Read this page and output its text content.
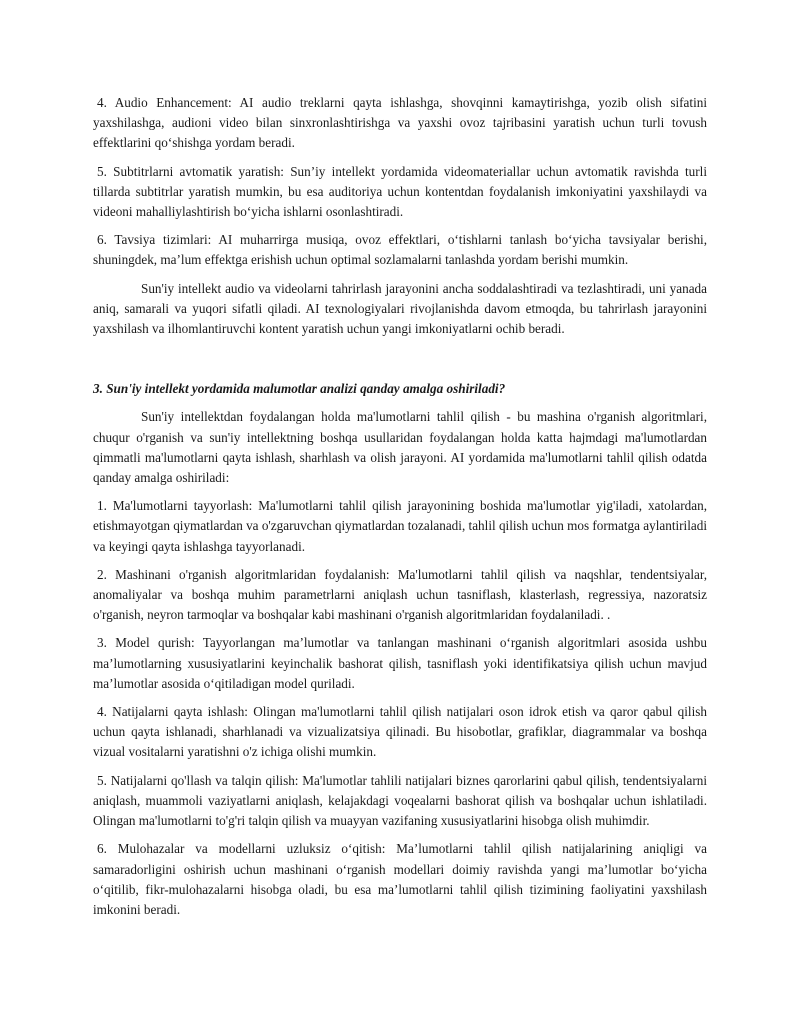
4. Audio Enhancement: AI audio treklarni qayta ishlashga, shovqinni kamaytirishga, yozib olish sifatini yaxshilashga, audioni video bilan sinxronlashtirishga va yaxshi ovoz tajribasini yaratish uchun turli tovush effektlarini qo‘shishga yordam beradi.

5. Subtitrlarni avtomatik yaratish: Sun’iy intellekt yordamida videomateriallar uchun avtomatik ravishda turli tillarda subtitrlar yaratish mumkin, bu esa auditoriya uchun kontentdan foydalanish imkoniyatini yaxshilaydi va videoni mahalliylashtirish bo‘yicha ishlarni osonlashtiradi.

6. Tavsiya tizimlari: AI muharrirga musiqa, ovoz effektlari, o‘tishlarni tanlash bo‘yicha tavsiyalar berishi, shuningdek, ma’lum effektga erishish uchun optimal sozlamalarni tanlashda yordam berishi mumkin.

Sun'iy intellekt audio va videolarni tahrirlash jarayonini ancha soddalashtiradi va tezlashtiradi, uni yanada aniq, samarali va yuqori sifatli qiladi. AI texnologiyalari rivojlanishda davom etmoqda, bu tahrirlash jarayonini yaxshilash va ilhomlantiruvchi kontent yaratish uchun yangi imkoniyatlarni ochib beradi.

3. Sun'iy intellekt yordamida malumotlar analizi qanday amalga oshiriladi?

Sun'iy intellektdan foydalangan holda ma'lumotlarni tahlil qilish - bu mashina o'rganish algoritmlari, chuqur o'rganish va sun'iy intellektning boshqa usullaridan foydalangan holda katta hajmdagi ma'lumotlardan qimmatli ma'lumotlarni qayta ishlash, sharhlash va olish jarayoni. AI yordamida ma'lumotlarni tahlil qilish odatda qanday amalga oshiriladi:

1. Ma'lumotlarni tayyorlash: Ma'lumotlarni tahlil qilish jarayonining boshida ma'lumotlar yig'iladi, xatolardan, etishmayotgan qiymatlardan va o'zgaruvchan qiymatlardan tozalanadi, tahlil qilish uchun mos formatga aylantiriladi va keyingi qayta ishlashga tayyorlanadi.

2. Mashinani o'rganish algoritmlaridan foydalanish: Ma'lumotlarni tahlil qilish va naqshlar, tendentsiyalar, anomaliyalar va boshqa muhim parametrlarni aniqlash uchun tasniflash, klasterlash, regressiya, nazoratsiz o'rganish, neyron tarmoqlar va boshqalar kabi mashinani o'rganish algoritmlaridan foydalaniladi. .

3. Model qurish: Tayyorlangan ma’lumotlar va tanlangan mashinani o‘rganish algoritmlari asosida ushbu ma’lumotlarning xususiyatlarini keyinchalik bashorat qilish, tasniflash yoki identifikatsiya qilish uchun mavjud ma’lumotlar asosida o‘qitiladigan model quriladi.

4. Natijalarni qayta ishlash: Olingan ma'lumotlarni tahlil qilish natijalari oson idrok etish va qaror qabul qilish uchun qayta ishlanadi, sharhlanadi va vizualizatsiya qilinadi. Bu hisobotlar, grafiklar, diagrammalar va boshqa vizual vositalarni yaratishni o'z ichiga olishi mumkin.

5. Natijalarni qo'llash va talqin qilish: Ma'lumotlar tahlili natijalari biznes qarorlarini qabul qilish, tendentsiyalarni aniqlash, muammoli vaziyatlarni aniqlash, kelajakdagi voqealarni bashorat qilish va boshqalar uchun ishlatiladi. Olingan ma'lumotlarni to'g'ri talqin qilish va muayyan vazifaning xususiyatlarini hisobga olish muhimdir.

6. Mulohazalar va modellarni uzluksiz o‘qitish: Ma’lumotlarni tahlil qilish natijalarining aniqligi va samaradorligini oshirish uchun mashinani o‘rganish modellari doimiy ravishda yangi ma’lumotlar bo‘yicha o‘qitilib, fikr-mulohazalarni hisobga oladi, bu esa ma’lumotlarni tahlil qilish tizimining faoliyatini yaxshilash imkonini beradi.
